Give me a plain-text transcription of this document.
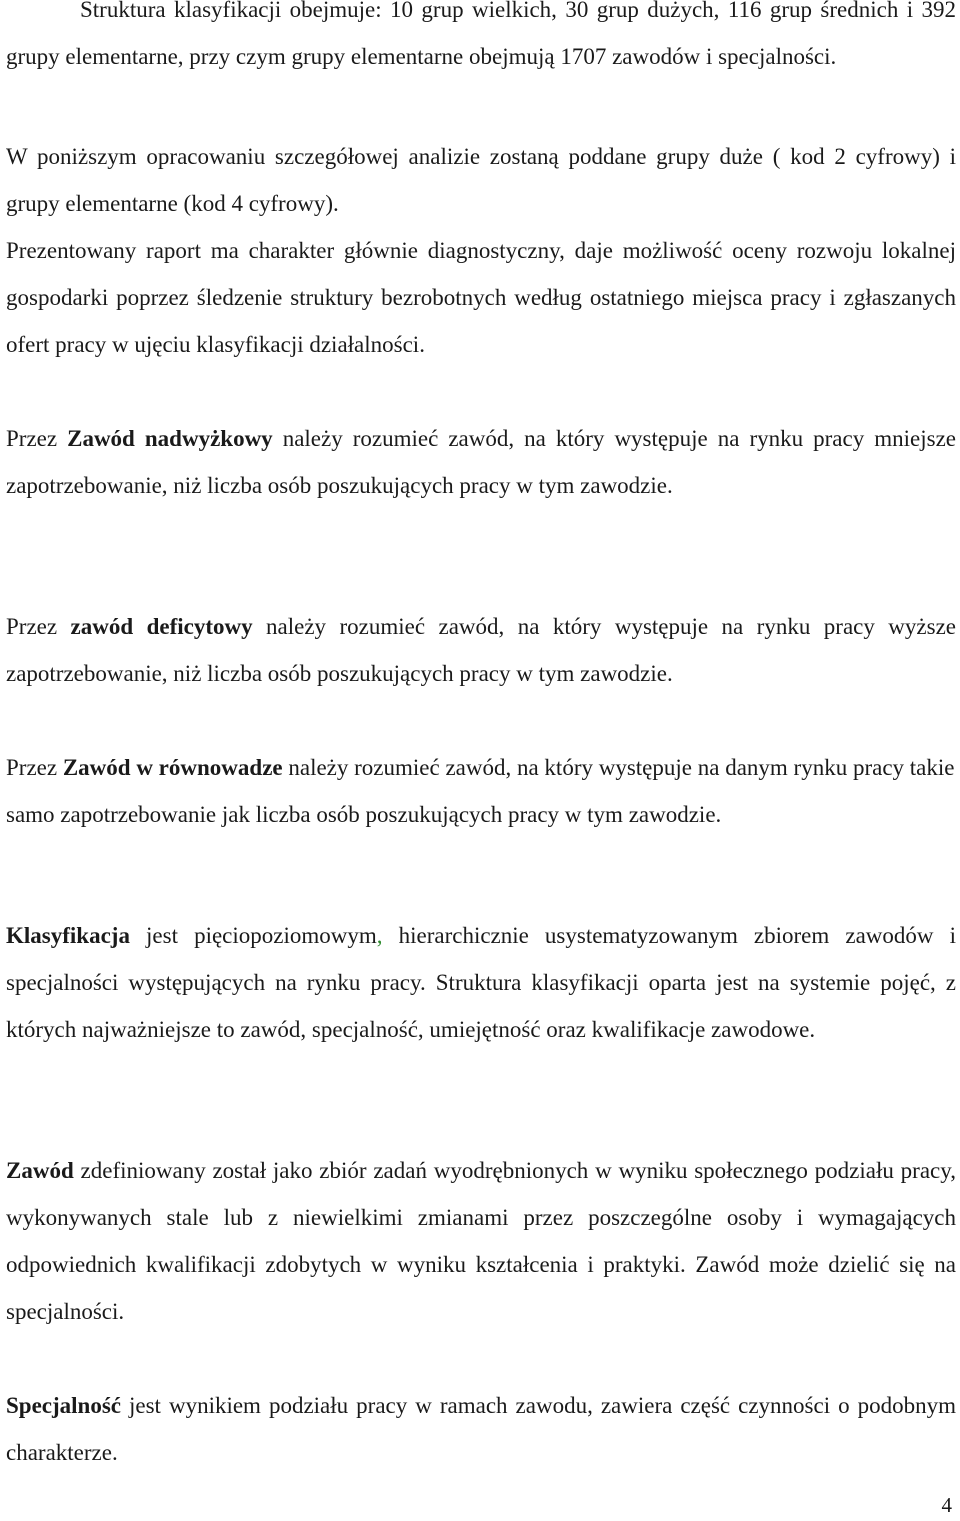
Struktura klasyfikacji obejmuje: 10 grup wielkich, 30 grup dużych, 116 grup średnich i 392 grupy elementarne, przy czym grupy elementarne obejmują 1707 zawodów i specjalności.

W poniższym opracowaniu szczegółowej analizie zostaną poddane grupy duże ( kod 2 cyfrowy) i grupy elementarne (kod 4 cyfrowy).

Prezentowany raport ma charakter głównie diagnostyczny, daje możliwość oceny rozwoju lokalnej gospodarki poprzez śledzenie struktury bezrobotnych według ostatniego miejsca pracy i zgłaszanych ofert pracy w ujęciu klasyfikacji działalności.

Przez Zawód nadwyżkowy należy rozumieć zawód, na który występuje na rynku pracy mniejsze zapotrzebowanie, niż liczba osób poszukujących pracy w tym zawodzie.

Przez zawód deficytowy należy rozumieć zawód, na który występuje na rynku pracy wyższe zapotrzebowanie, niż liczba osób poszukujących pracy w tym zawodzie.

Przez Zawód w równowadze należy rozumieć zawód, na który występuje na danym rynku pracy takie samo zapotrzebowanie jak liczba osób poszukujących pracy w tym zawodzie.

Klasyfikacja jest pięciopoziomowym, hierarchicznie usystematyzowanym zbiorem zawodów i specjalności występujących na rynku pracy. Struktura klasyfikacji oparta jest na systemie pojęć, z których najważniejsze to zawód, specjalność, umiejętność oraz kwalifikacje zawodowe.

Zawód zdefiniowany został jako zbiór zadań wyodrębnionych w wyniku społecznego podziału pracy, wykonywanych stale lub z niewielkimi zmianami przez poszczególne osoby i wymagających odpowiednich kwalifikacji zdobytych w wyniku kształcenia i praktyki. Zawód może dzielić się na specjalności.

Specjalność jest wynikiem podziału pracy w ramach zawodu, zawiera część czynności o podobnym charakterze.

4
